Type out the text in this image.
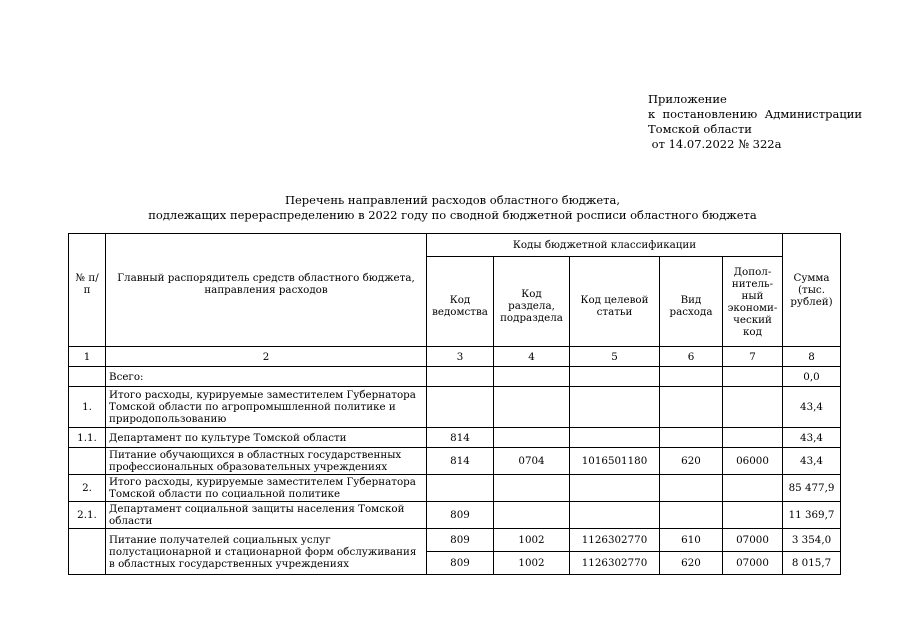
Приложение
к  постановлению  Администрации
Томской области
от 14.07.2022 № 322а
Перечень направлений расходов областного бюджета,
подлежащих перераспределению в 2022 году по сводной бюджетной росписи областного бюджета
№ п/п	Главный распорядитель средств областного бюджета, направления расходов	Коды бюджетной классификации					Сумма (тыс. рублей)
		Код ведомства	Код раздела, подраздела	Код целевой статьи	Вид расхода	Допол-нитель-ный экономи-ческий код	
1	2	3	4	5	6	7	8
	Всего:						0,0
1.	Итого расходы, курируемые заместителем Губернатора Томской области по агропромышленной политике и природопользованию						43,4
1.1.	Департамент по культуре Томской области	814					43,4
	Питание обучающихся в областных государственных профессиональных образовательных учреждениях	814	0704	1016501180	620	06000	43,4
2.	Итого расходы, курируемые заместителем Губернатора Томской области по социальной политике						85 477,9
2.1.	Департамент социальной защиты населения Томской области	809					11 369,7
	Питание получателей социальных услуг полустационарной и стационарной форм обслуживания в областных государственных учреждениях	809	1002	1126302770	610	07000	3 354,0
		809	1002	1126302770	620	07000	8 015,7
